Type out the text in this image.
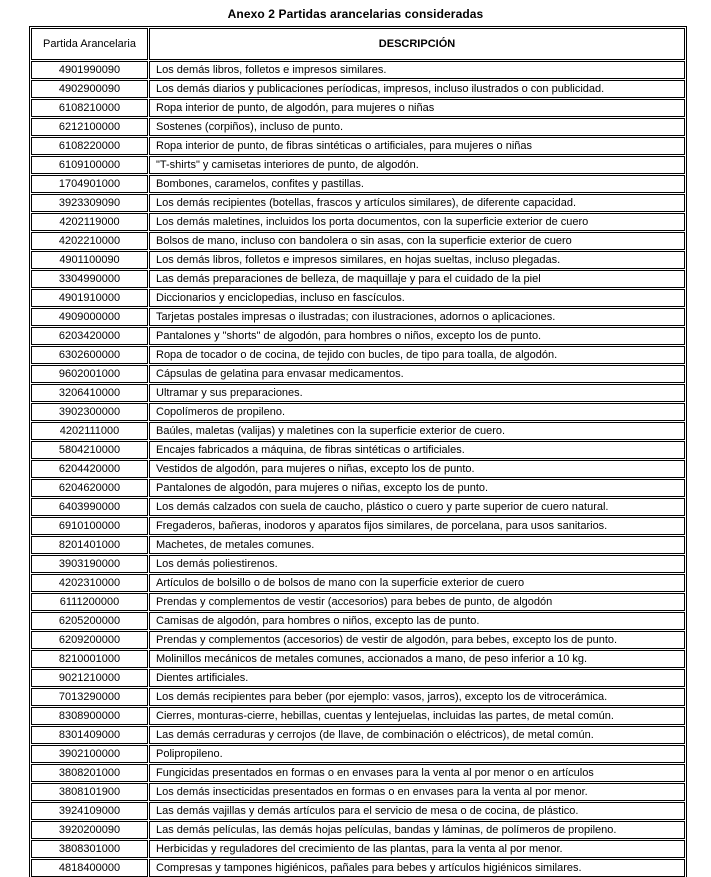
Anexo 2 Partidas arancelarias consideradas
Partida Arancelaria	DESCRIPCIÓN
4901990090	Los demás libros, folletos e impresos similares.
4902900090	Los demás diarios y publicaciones períodicas, impresos, incluso ilustrados o con publicidad.
6108210000	Ropa interior de punto, de algodón, para mujeres o niñas
6212100000	Sostenes (corpiños), incluso de punto.
6108220000	Ropa interior de punto, de fibras sintéticas o artificiales, para mujeres o niñas
6109100000	"T-shirts" y camisetas interiores de punto, de algodón.
1704901000	Bombones, caramelos, confites y pastillas.
3923309090	Los demás recipientes (botellas, frascos y artículos similares), de diferente capacidad.
4202119000	Los demás maletines, incluidos los porta documentos, con la superficie exterior de cuero
4202210000	Bolsos de mano, incluso con bandolera o sin asas, con la superficie exterior de cuero
4901100090	Los demás libros, folletos e impresos similares, en hojas sueltas, incluso plegadas.
3304990000	Las demás preparaciones de belleza, de maquillaje y para el cuidado de la piel
4901910000	Diccionarios y enciclopedias, incluso en fascículos.
4909000000	Tarjetas postales impresas o ilustradas; con ilustraciones, adornos o aplicaciones.
6203420000	Pantalones y "shorts" de algodón, para hombres o niños, excepto los de punto.
6302600000	Ropa de tocador o de cocina, de tejido con bucles, de tipo para toalla, de algodón.
9602001000	Cápsulas de gelatina para envasar medicamentos.
3206410000	Ultramar y sus preparaciones.
3902300000	Copolímeros de propileno.
4202111000	Baúles, maletas (valijas) y maletines con la superficie exterior de cuero.
5804210000	Encajes fabricados a máquina, de fibras sintéticas o artificiales.
6204420000	Vestidos de algodón, para mujeres o niñas, excepto los de punto.
6204620000	Pantalones de algodón, para mujeres o niñas, excepto los de punto.
6403990000	Los demás calzados con suela de caucho, plástico o cuero y parte superior de cuero natural.
6910100000	Fregaderos, bañeras, inodoros y aparatos fijos similares, de porcelana, para usos sanitarios.
8201401000	Machetes, de metales comunes.
3903190000	Los demás poliestirenos.
4202310000	Artículos de bolsillo o de bolsos de mano con la superficie exterior de cuero
6111200000	Prendas y complementos de vestir (accesorios) para bebes de punto, de algodón
6205200000	Camisas de algodón, para hombres o niños, excepto las de punto.
6209200000	Prendas y complementos (accesorios) de vestir de algodón, para bebes, excepto los de punto.
8210001000	Molinillos mecánicos de metales comunes, accionados a mano, de peso inferior a 10 kg.
9021210000	Dientes artificiales.
7013290000	Los demás recipientes para beber (por ejemplo: vasos, jarros), excepto los de vitrocerámica.
8308900000	Cierres, monturas-cierre, hebillas, cuentas y lentejuelas, incluidas las partes, de metal común.
8301409000	Las demás cerraduras y cerrojos (de llave, de combinación o eléctricos), de metal común.
3902100000	Polipropileno.
3808201000	Fungicidas presentados en formas o en envases para la venta al por menor o en artículos
3808101900	Los demás insecticidas presentados en formas o en envases para la venta al por menor.
3924109000	Las demás vajillas y demás artículos para el servicio de mesa o de cocina, de plástico.
3920200090	Las demás películas, las demás hojas películas, bandas y láminas, de polímeros de propileno.
3808301000	Herbicidas y reguladores del crecimiento de las plantas, para la venta al por menor.
4818400000	Compresas y tampones higiénicos, pañales para bebes y artículos higiénicos similares.
